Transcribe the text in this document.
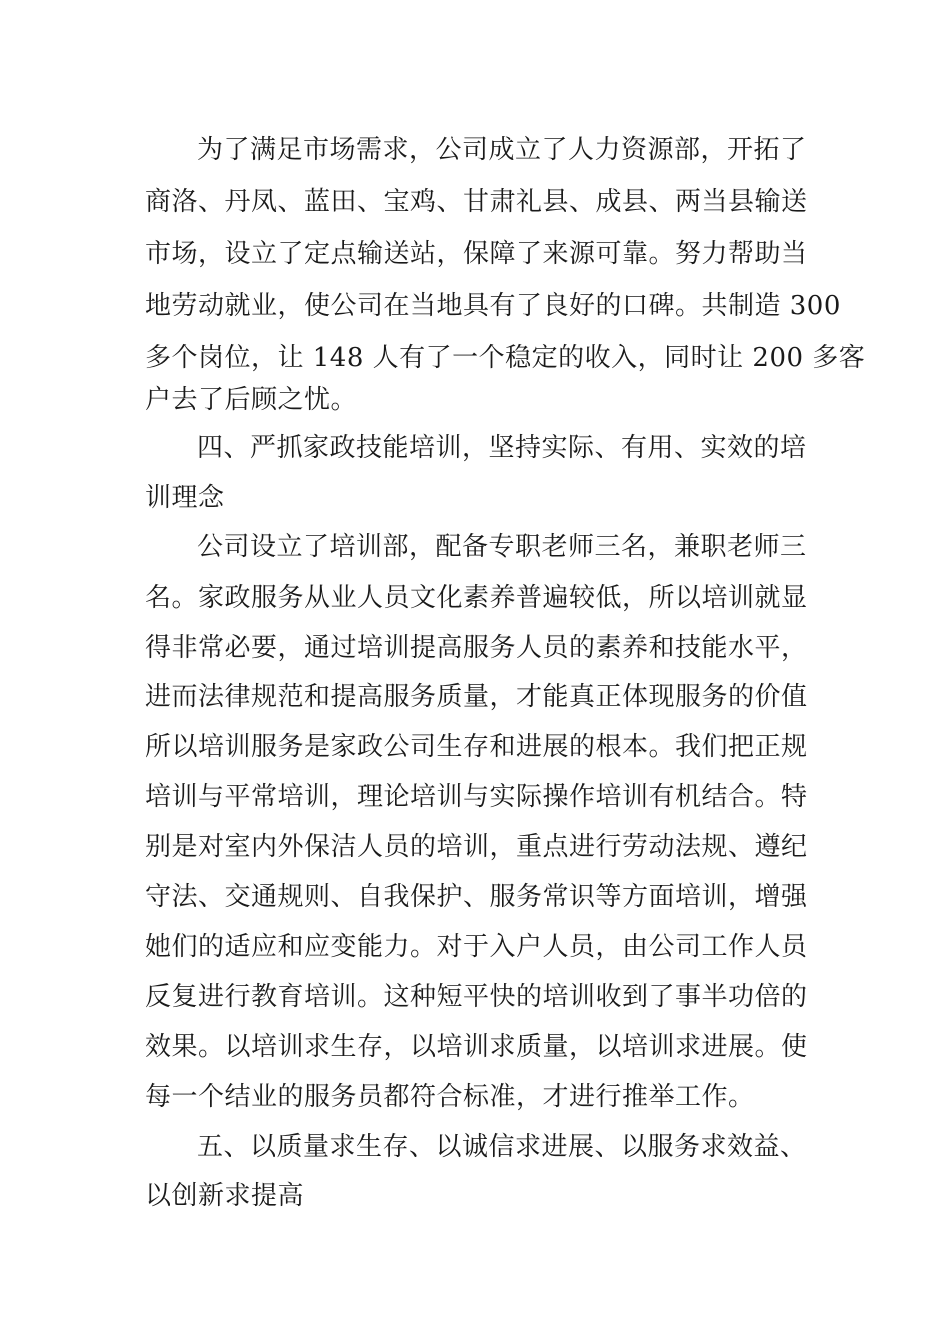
为了满足市场需求，公司成立了人力资源部，开拓了
商洛、丹凤、蓝田、宝鸡、甘肃礼县、成县、两当县输送
市场，设立了定点输送站，保障了来源可靠。努力帮助当
地劳动就业，使公司在当地具有了良好的口碑。共制造 300
多个岗位，让 148 人有了一个稳定的收入，同时让 200 多客
户去了后顾之忧。
四、严抓家政技能培训，坚持实际、有用、实效的培
训理念
公司设立了培训部，配备专职老师三名，兼职老师三
名。家政服务从业人员文化素养普遍较低，所以培训就显
得非常必要，通过培训提高服务人员的素养和技能水平，
进而法律规范和提高服务质量，才能真正体现服务的价值
所以培训服务是家政公司生存和进展的根本。我们把正规
培训与平常培训，理论培训与实际操作培训有机结合。特
别是对室内外保洁人员的培训，重点进行劳动法规、遵纪
守法、交通规则、自我保护、服务常识等方面培训，增强
她们的适应和应变能力。对于入户人员，由公司工作人员
反复进行教育培训。这种短平快的培训收到了事半功倍的
效果。以培训求生存，以培训求质量，以培训求进展。使
每一个结业的服务员都符合标准，才进行推举工作。
五、以质量求生存、以诚信求进展、以服务求效益、
以创新求提高
